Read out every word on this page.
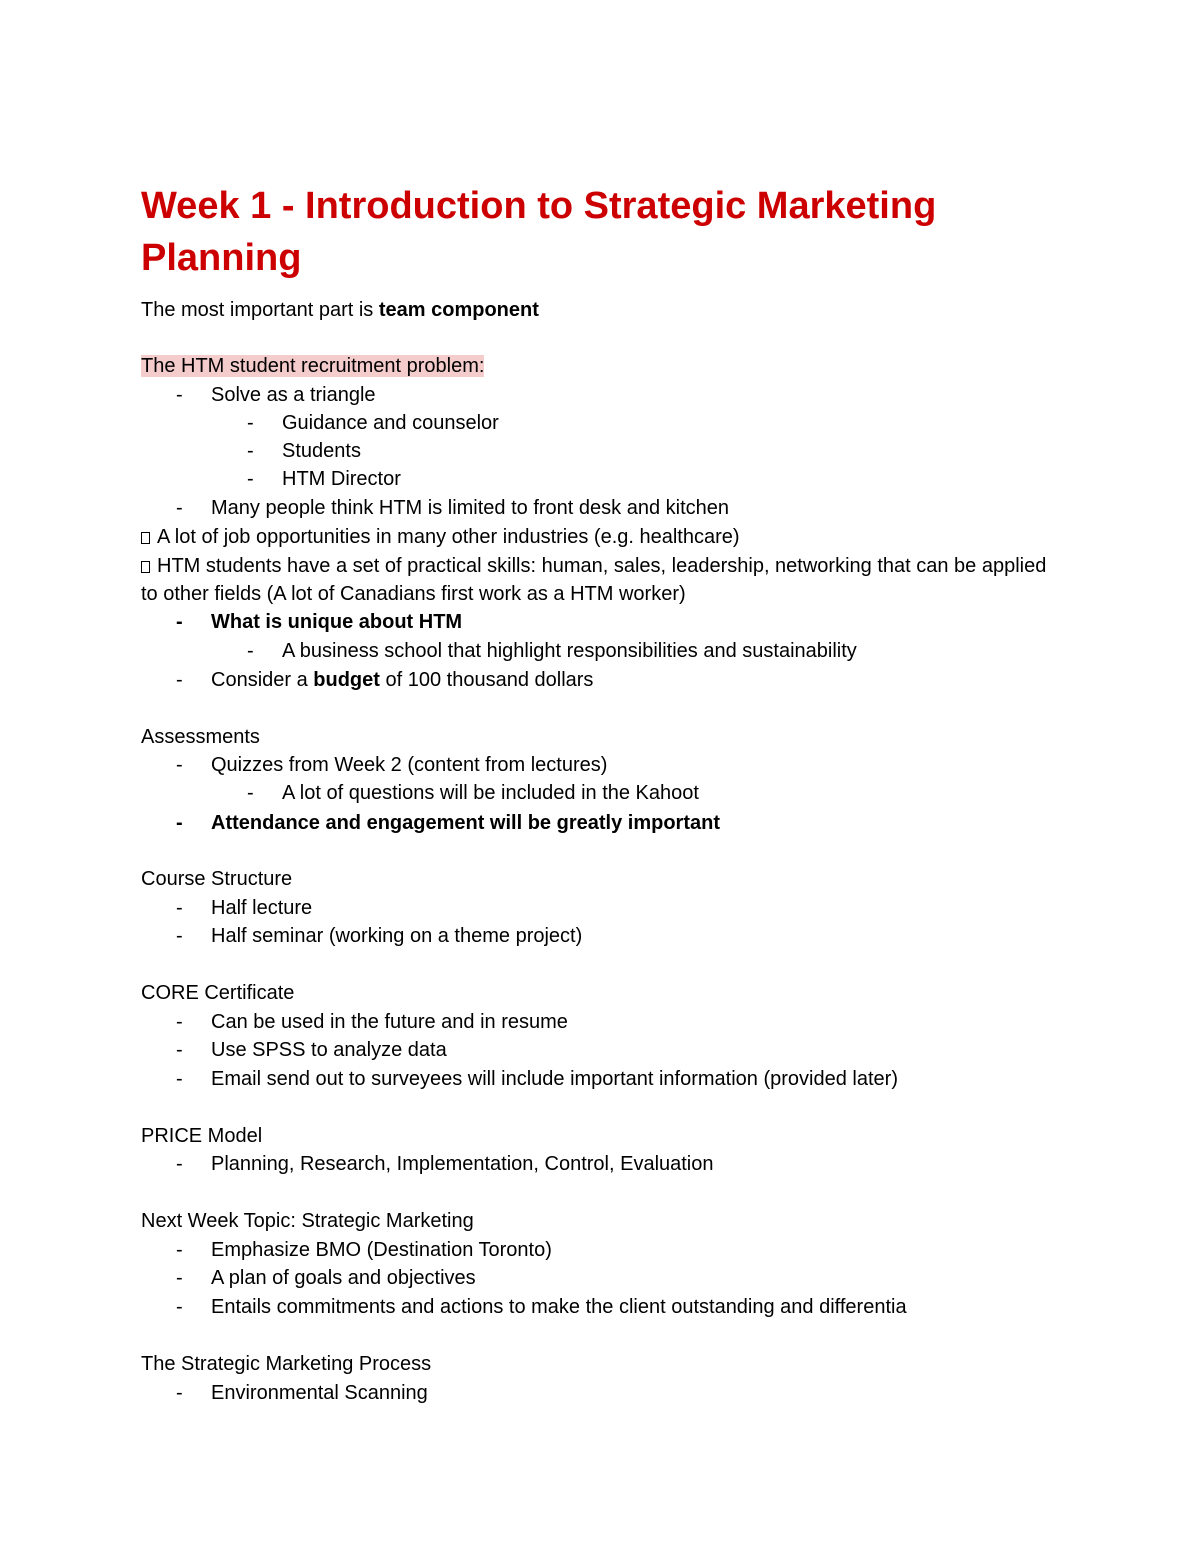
Week 1 - Introduction to Strategic Marketing Planning
The most important part is team component
The HTM student recruitment problem:
-	Solve as a triangle
-	Guidance and counselor
-	Students
-	HTM Director
-	Many people think HTM is limited to front desk and kitchen
A lot of job opportunities in many other industries (e.g. healthcare)
HTM students have a set of practical skills: human, sales, leadership, networking that can be applied to other fields (A lot of Canadians first work as a HTM worker)
-	What is unique about HTM
-	A business school that highlight responsibilities and sustainability
-	Consider a budget of 100 thousand dollars
Assessments
-	Quizzes from Week 2 (content from lectures)
-	A lot of questions will be included in the Kahoot
-	Attendance and engagement will be greatly important
Course Structure
-	Half lecture
-	Half seminar (working on a theme project)
CORE Certificate
-	Can be used in the future and in resume
-	Use SPSS to analyze data
-	Email send out to surveyees will include important information (provided later)
PRICE Model
-	Planning, Research, Implementation, Control, Evaluation
Next Week Topic: Strategic Marketing
-	Emphasize BMO (Destination Toronto)
-	A plan of goals and objectives
-	Entails commitments and actions to make the client outstanding and differentia
The Strategic Marketing Process
-	Environmental Scanning
